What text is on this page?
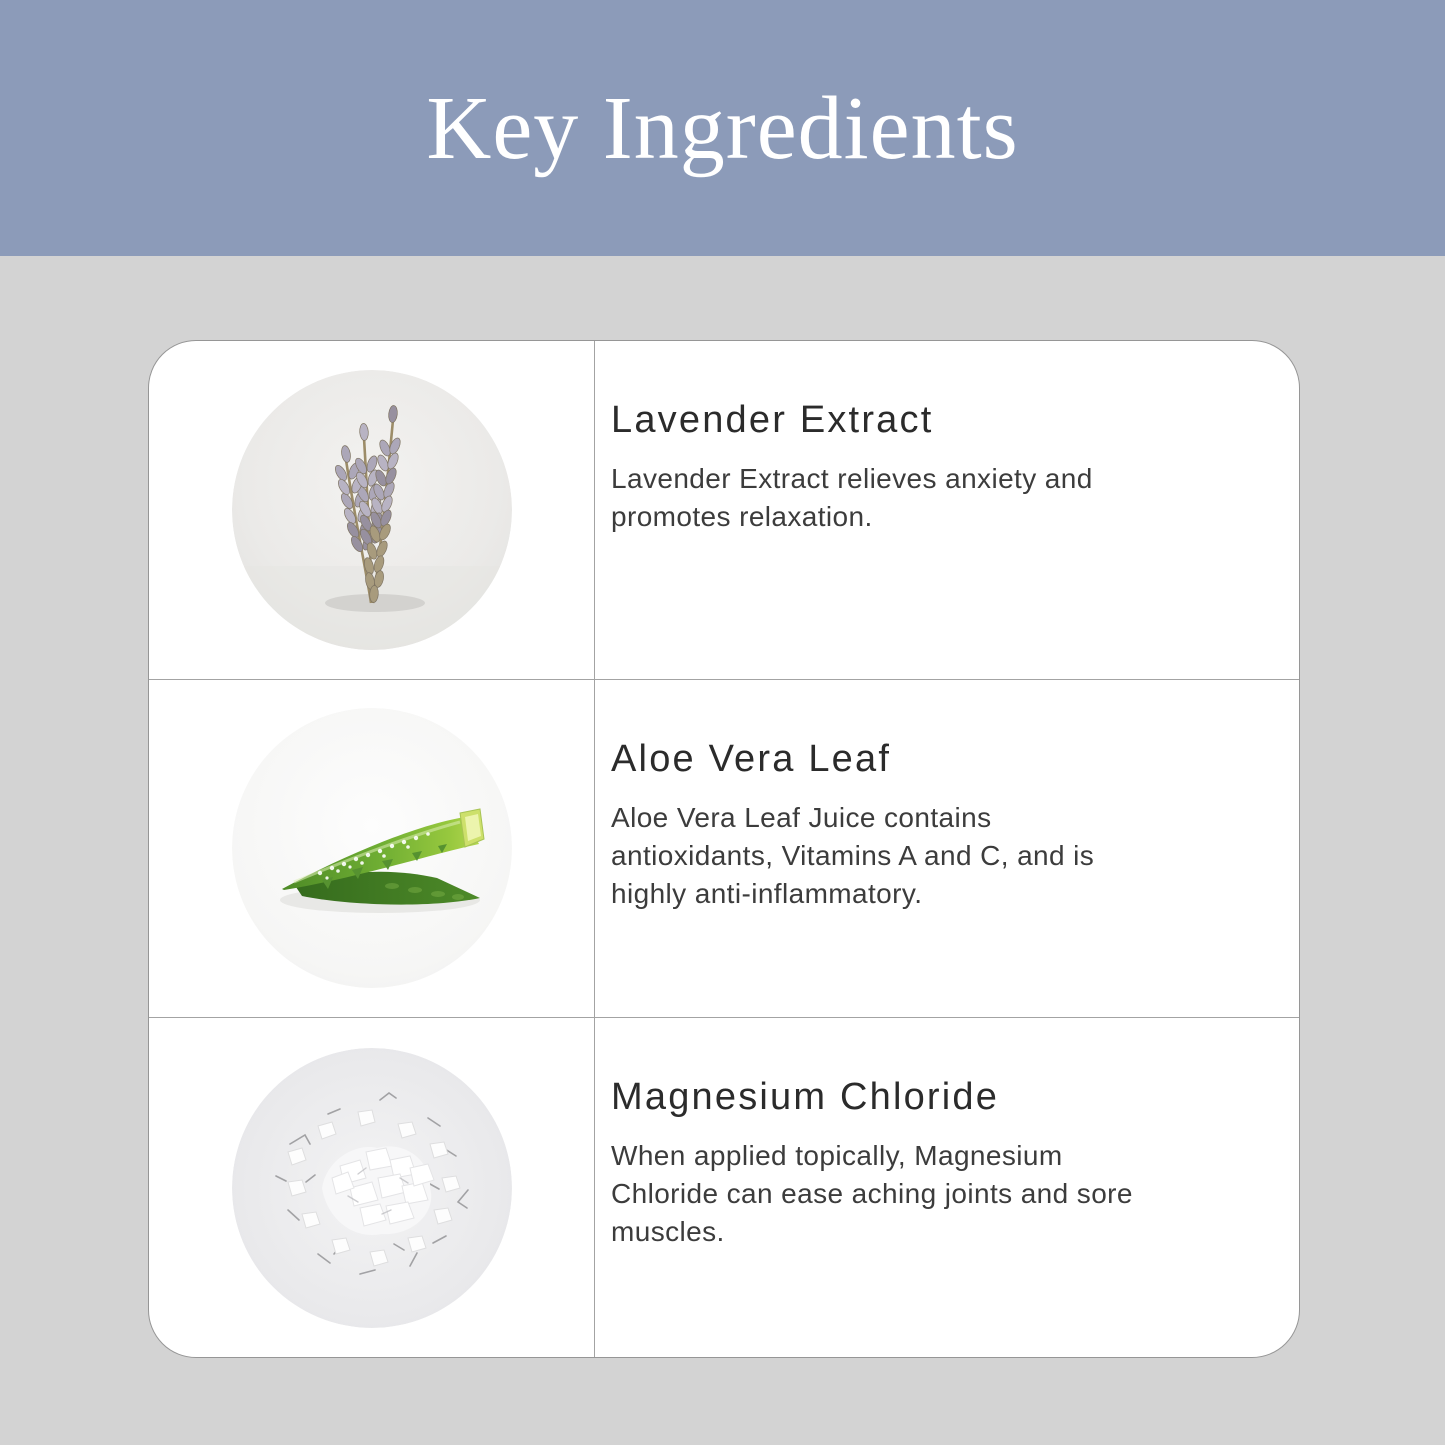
Key Ingredients
Lavender Extract
Lavender Extract relieves anxiety and
promotes relaxation.
Aloe Vera Leaf
Aloe Vera Leaf Juice contains
antioxidants, Vitamins A and C, and is
highly anti-inflammatory.
Magnesium Chloride
When applied topically, Magnesium
Chloride can ease aching joints and sore
muscles.
